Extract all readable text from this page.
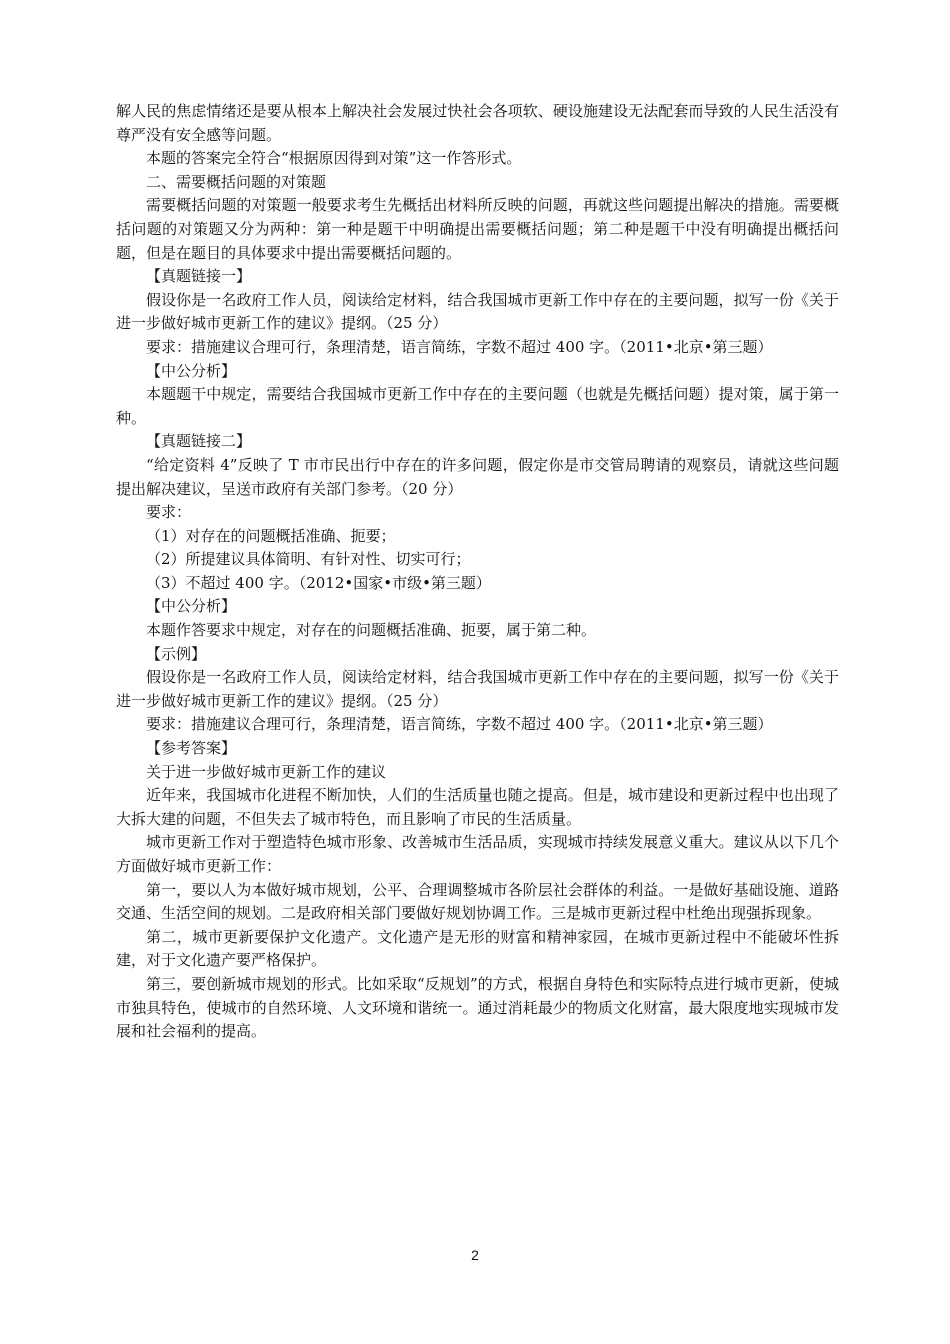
解人民的焦虑情绪还是要从根本上解决社会发展过快社会各项软、硬设施建设无法配套而导致的人民生活没有尊严没有安全感等问题。

本题的答案完全符合“根据原因得到对策”这一作答形式。

二、需要概括问题的对策题

需要概括问题的对策题一般要求考生先概括出材料所反映的问题，再就这些问题提出解决的措施。需要概括问题的对策题又分为两种：第一种是题干中明确提出需要概括问题；第二种是题干中没有明确提出概括问题，但是在题目的具体要求中提出需要概括问题的。

【真题链接一】

假设你是一名政府工作人员，阅读给定材料，结合我国城市更新工作中存在的主要问题，拟写一份《关于进一步做好城市更新工作的建议》提纲。（25 分）

要求：措施建议合理可行，条理清楚，语言简练，字数不超过 400 字。（2011•北京•第三题）

【中公分析】

本题题干中规定，需要结合我国城市更新工作中存在的主要问题（也就是先概括问题）提对策，属于第一种。

【真题链接二】

“给定资料 4”反映了 T 市市民出行中存在的许多问题，假定你是市交管局聘请的观察员，请就这些问题提出解决建议，呈送市政府有关部门参考。（20 分）

要求：

（1）对存在的问题概括准确、扼要；

（2）所提建议具体简明、有针对性、切实可行；

（3）不超过 400 字。（2012•国家•市级•第三题）

【中公分析】

本题作答要求中规定，对存在的问题概括准确、扼要，属于第二种。

【示例】

假设你是一名政府工作人员，阅读给定材料，结合我国城市更新工作中存在的主要问题，拟写一份《关于进一步做好城市更新工作的建议》提纲。（25 分）

要求：措施建议合理可行，条理清楚，语言简练，字数不超过 400 字。（2011•北京•第三题）

【参考答案】

关于进一步做好城市更新工作的建议

近年来，我国城市化进程不断加快，人们的生活质量也随之提高。但是，城市建设和更新过程中也出现了大拆大建的问题，不但失去了城市特色，而且影响了市民的生活质量。

城市更新工作对于塑造特色城市形象、改善城市生活品质，实现城市持续发展意义重大。建议从以下几个方面做好城市更新工作：

第一，要以人为本做好城市规划，公平、合理调整城市各阶层社会群体的利益。一是做好基础设施、道路交通、生活空间的规划。二是政府相关部门要做好规划协调工作。三是城市更新过程中杜绝出现强拆现象。

第二，城市更新要保护文化遗产。文化遗产是无形的财富和精神家园，在城市更新过程中不能破坏性拆建，对于文化遗产要严格保护。

第三，要创新城市规划的形式。比如采取“反规划”的方式，根据自身特色和实际特点进行城市更新，使城市独具特色，使城市的自然环境、人文环境和谐统一。通过消耗最少的物质文化财富，最大限度地实现城市发展和社会福利的提高。

2
